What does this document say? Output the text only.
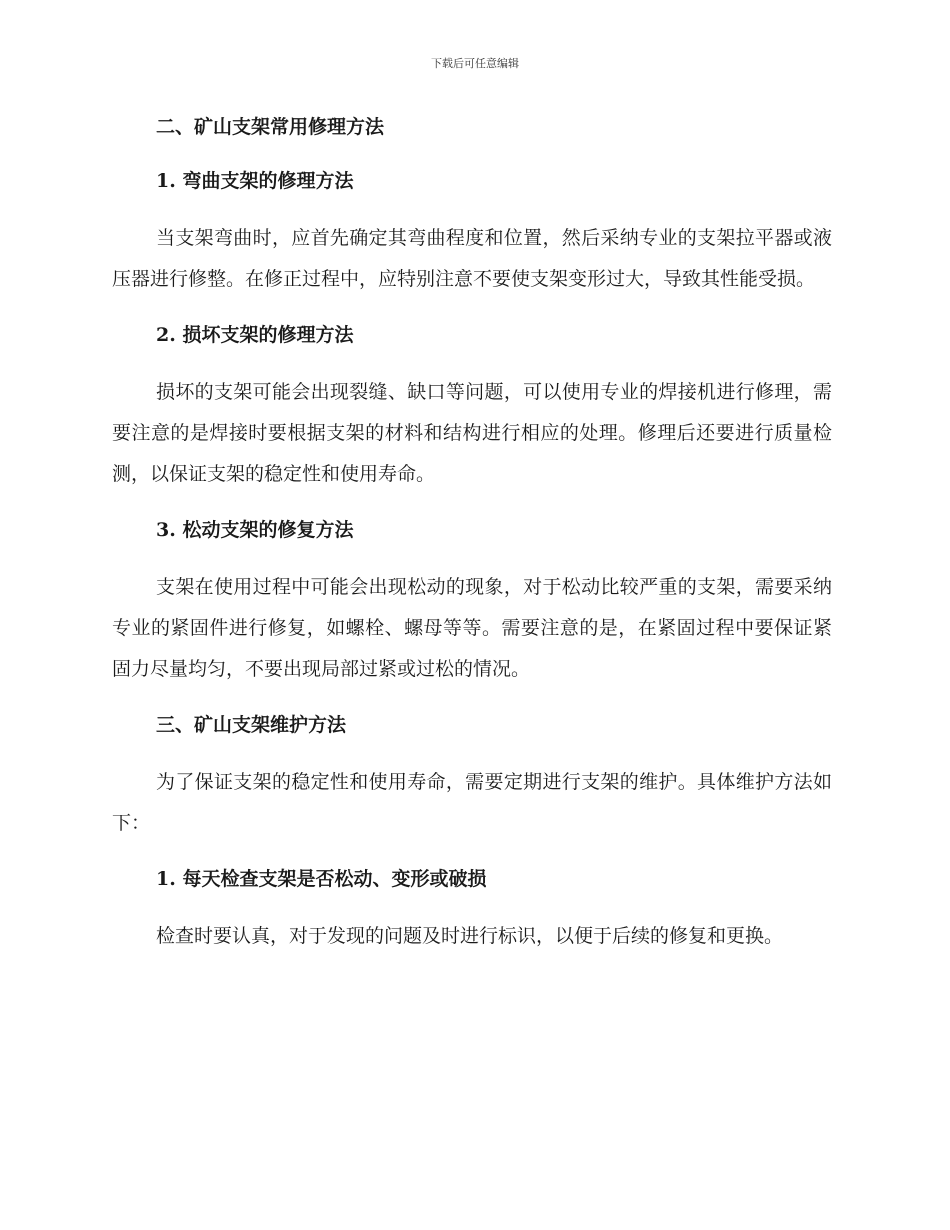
下载后可任意编辑

二、矿山支架常用修理方法

1. 弯曲支架的修理方法

当支架弯曲时，应首先确定其弯曲程度和位置，然后采纳专业的支架拉平器或液压器进行修整。在修正过程中，应特别注意不要使支架变形过大，导致其性能受损。

2. 损坏支架的修理方法

损坏的支架可能会出现裂缝、缺口等问题，可以使用专业的焊接机进行修理，需要注意的是焊接时要根据支架的材料和结构进行相应的处理。修理后还要进行质量检测，以保证支架的稳定性和使用寿命。

3. 松动支架的修复方法

支架在使用过程中可能会出现松动的现象，对于松动比较严重的支架，需要采纳专业的紧固件进行修复，如螺栓、螺母等等。需要注意的是，在紧固过程中要保证紧固力尽量均匀，不要出现局部过紧或过松的情况。

三、矿山支架维护方法

为了保证支架的稳定性和使用寿命，需要定期进行支架的维护。具体维护方法如下：

1. 每天检查支架是否松动、变形或破损

检查时要认真，对于发现的问题及时进行标识，以便于后续的修复和更换。
